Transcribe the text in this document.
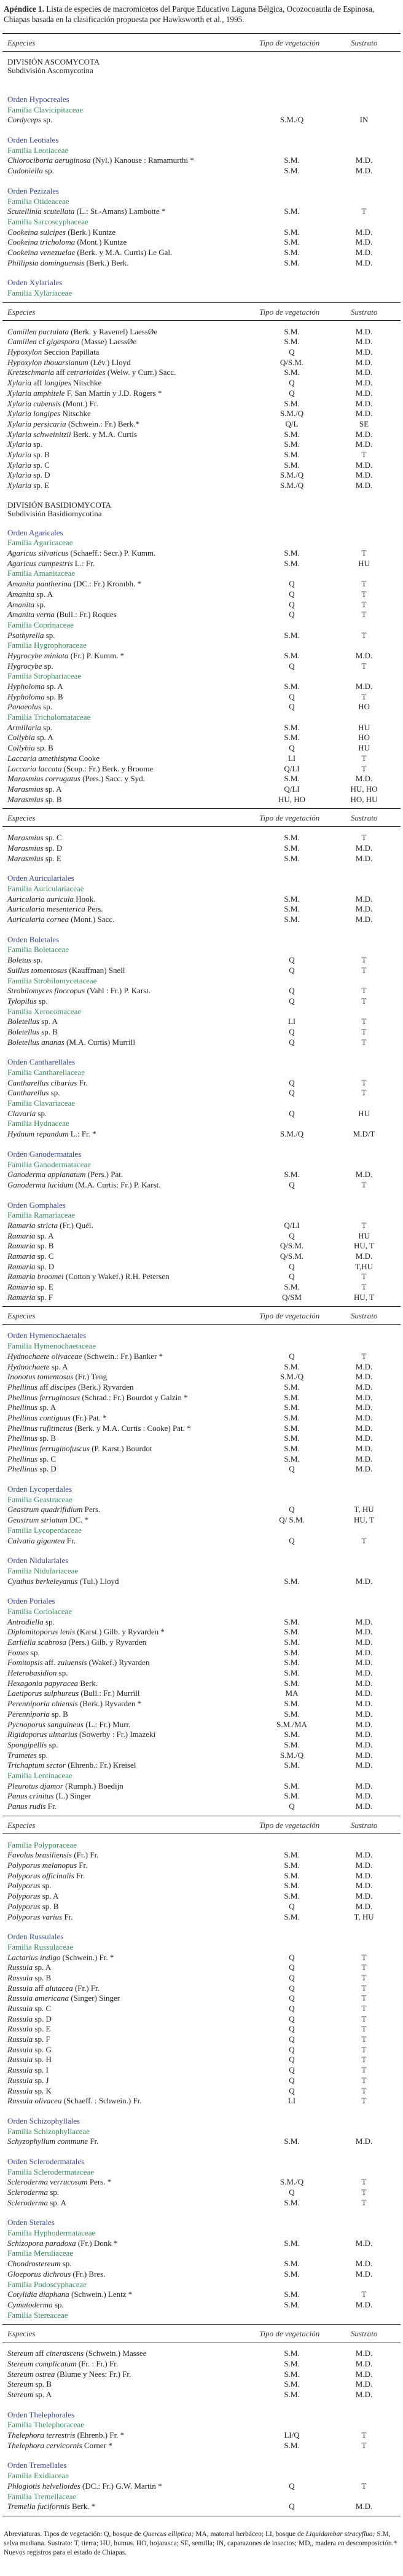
Apéndice 1. Lista de especies de macromicetos del Parque Educativo Laguna Bélgica, Ocozocoautla de Espinosa, Chiapas basada en la clasificación propuesta por Hawksworth et al., 1995.
Especies	Tipo de vegetación	Sustrato
DIVISIÓN ASCOMYCOTA
Subdivisión Ascomycotina
Orden Hypocreales
Familia Clavicipitaceae
Cordyceps sp.	S.M./Q	IN
Orden Leotiales
Familia Leotiaceae
Chlorociboria aeruginosa (Nyl.) Kanouse : Ramamurthi *	S.M.	M.D.
Cudoniella sp.	S.M.	M.D.
Orden Pezizales
Familia Otideaceae
Scutellinia scutellata (L.: St.-Amans) Lambotte *	S.M.	T
Familia Sarcoscyphaceae
Cookeina sulcipes (Berk.) Kuntze	S.M.	M.D.
Cookeina tricholoma (Mont.) Kuntze	S.M.	M.D.
Cookeina venezuelae (Berk. y M.A. Curtis) Le Gal.	S.M.	M.D.
Phillipsia dominguensis (Berk.) Berk.	S.M.	M.D.
Orden Xylariales
Familia Xylariaceae
Especies	Tipo de vegetación	Sustrato
Camillea puctulata (Berk. y Ravenel) LaessØe	S.M.	M.D.
Camillea cf gigaspora (Masse) LaessØe	S.M.	M.D.
Hypoxylon Seccion Papillata	Q	M.D.
Hypoxylon thouarsianum (Lév.) Lloyd	Q/S.M.	M.D.
Kretzschmaria aff cetrarioides (Welw. y Curr.) Sacc.	S.M.	M.D.
Xylaria aff longipes Nitschke	Q	M.D.
Xylaria amphitele F. San Martín y J.D. Rogers *	Q	M.D.
Xylaria cubensis (Mont.) Fr.	S.M.	M.D.
Xylaria longipes Nitschke	S.M./Q	M.D.
Xylaria persicaria (Schwein.: Fr.) Berk.*	Q/L	SE
Xylaria schweinitzii Berk. y M.A. Curtis	S.M.	M.D.
Xylaria sp.	S.M.	M.D.
Xylaria sp. B	S.M.	T
Xylaria sp. C	S.M.	M.D.
Xylaria sp. D	S.M./Q	M.D.
Xylaria sp. E	S.M./Q	M.D.
DIVISIÓN BASIDIOMYCOTA
Subdivisión Basidiomycotina
Orden Agaricales
Familia Agaricaceae
Agaricus silvaticus (Schaeff.: Secr.) P. Kumm.	S.M.	T
Agaricus campestris L.: Fr.	S.M.	HU
Familia Amanitaceae
Amanita pantherina (DC.: Fr.) Krombh. *	Q	T
Amanita sp. A	Q	T
Amanita sp.	Q	T
Amanita verna (Bull.: Fr.) Roques	Q	T
Familia Coprinaceae
Psathyrella sp.	S.M.	T
Familia Hygrophoraceae
Hygrocybe miniata (Fr.) P. Kumm. *	S.M.	M.D.
Hygrocybe sp.	Q	T
Familia Strophariaceae
Hypholoma sp. A	S.M.	M.D.
Hypholoma sp. B	Q	T
Panaeolus sp.	Q	HO
Familia Tricholomataceae
Armillaria sp.	S.M.	HU
Collybia sp. A	S.M.	HO
Collybia sp. B	Q	HU
Laccaria amethistyna Cooke	LI	T
Laccaria laccata (Scop.: Fr.) Berk. y Broome	Q/LI	T
Marasmius corrugatus (Pers.) Sacc. y Syd.	S.M.	M.D.
Marasmius sp. A	Q/LI	HU, HO
Marasmius sp. B	HU, HO	HO, HU
Especies	Tipo de vegetación	Sustrato
Marasmius sp. C	S.M.	T
Marasmius sp. D	S.M.	M.D.
Marasmius sp. E	S.M.	M.D.
Orden Auriculariales
Familia Auriculariaceae
Auricularia auricula Hook.	S.M.	M.D.
Auricularia mesenterica Pers.	S.M.	M.D.
Auricularia cornea (Mont.) Sacc.	S.M.	M.D.
Orden Boletales
Familia Boletaceae
Boletus sp.	Q	T
Suillus tomentosus (Kauffman) Snell	Q	T
Familia Strobilomycetaceae
Strobilomyces floccopus (Vahl : Fr.) P. Karst.	Q	T
Tylopilus sp.	Q	T
Familia Xerocomaceae
Boletellus sp. A	LI	T
Boletellus sp. B	Q	T
Boletellus ananas (M.A. Curtis) Murrill	Q	T
Orden Cantharellales
Familia Cantharellaceae
Cantharellus cibarius Fr.	Q	T
Cantharellus sp.	Q	T
Familia Clavariaceae
Clavaria sp.	Q	HU
Familia Hydnaceae
Hydnum repandum L.: Fr. *	S.M./Q	M.D/T
Orden Ganodermatales
Familia Ganodermataceae
Ganoderma applanatum (Pers.) Pat.	S.M.	M.D.
Ganoderma lucidum (M.A. Curtis: Fr.) P. Karst.	Q	T
Orden Gomphales
Familia Ramariaceae
Ramaria stricta (Fr.) Quél.	Q/LI	T
Ramaria sp. A	Q	HU
Ramaria sp. B	Q/S.M.	HU, T
Ramaria sp. C	Q/S.M.	M.D.
Ramaria sp. D	Q	T,HU
Ramaria broomei (Cotton y Wakef.) R.H. Petersen	Q	T
Ramaria sp. E	S.M.	T
Ramaria sp. F	Q/SM	HU, T
Especies	Tipo de vegetación	Sustrato
Orden Hymenochaetales
Familia Hymenochaetaceae
Hydnochaete olivaceae (Schwein.: Fr.) Banker *	Q	T
Hydnochaete sp. A	S.M.	M.D.
Inonotus tomentosus (Fr.) Teng	S.M./Q	M.D.
Phellinus aff discipes (Berk.) Ryvarden	S.M.	M.D.
Phellinus ferruginosus (Schrad.: Fr.) Bourdot y Galzin *	S.M.	M.D.
Phellinus sp. A	S.M.	M.D.
Phellinus contiguus (Fr.) Pat. *	S.M.	M.D.
Phellinus rufitinctus (Berk. y M.A. Curtis : Cooke) Pat. *	S.M.	M.D.
Phellinus sp. B	S.M.	M.D.
Phellinus ferruginofuscus (P. Karst.) Bourdot	S.M.	M.D.
Phellinus sp. C	S.M.	M.D.
Phellinus sp. D	Q	M.D.
Orden Lycoperdales
Familia Geastraceae
Geastrum quadrifidium Pers.	Q	T, HU
Geastrum striatum DC. *	Q/ S.M.	HU, T
Familia Lycoperdaceae
Calvatia gigantea Fr.	Q	T
Orden Nidulariales
Familia Nidulariaceae
Cyathus berkeleyanus (Tul.) Lloyd	S.M.	M.D.
Orden Poriales
Familia Coriolaceae
Antrodiella sp.	S.M.	M.D.
Diplomitoporus lenis (Karst.) Gilb. y Ryvarden *	S.M.	M.D.
Earliella scabrosa (Pers.) Gilb. y Ryvarden	S.M.	M.D.
Fomes sp.	S.M.	M.D.
Fomitopsis aff. zuluensis (Wakef.) Ryvarden	S.M.	M.D.
Heterobasidion sp.	S.M.	M.D.
Hexagonia papyracea Berk.	S.M.	M.D.
Laetiporus sulphureus (Bull.: Fr.) Murrill	MA	M.D.
Perenniporia ohiensis (Berk.) Ryvarden *	S.M.	M.D.
Perenniporia sp. B	S.M.	M.D.
Pycnoporus sanguineus (L.: Fr.) Murr.	S.M./MA	M.D.
Rigidoporus ulmarius (Sowerby : Fr.) Imazeki	S.M.	M.D.
Spongipellis sp.	S.M.	M.D.
Trametes sp.	S.M./Q	M.D.
Trichaptum sector (Ehrenb.: Fr.) Kreisel	S.M.	M.D.
Familia Lentinaceae
Pleurotus djamor (Rumph.) Boedijn	S.M.	M.D.
Panus crinitus (L.) Singer	S.M.	M.D.
Panus rudis Fr.	Q	M.D.
Especies	Tipo de vegetación	Sustrato
Familia Polyporaceae
Favolus brasiliensis (Fr.) Fr.	S.M.	M.D.
Polyporus melanopus Fr.	S.M.	M.D.
Polyporus officinalis Fr.	S.M.	M.D.
Polyporus sp.	S.M.	M.D.
Polyporus sp. A	S.M.	M.D.
Polyporus sp. B	Q	M.D.
Polyporus varius Fr.	S.M.	T, HU
Orden Russulales
Familia Russulaceae
Lactarius indigo (Schwein.) Fr. *	Q	T
Russula sp. A	Q	T
Russula sp. B	Q	T
Russula aff alutacea (Fr.) Fr.	Q	T
Russula americana (Singer) Singer	Q	T
Russula sp. C	Q	T
Russula sp. D	Q	T
Russula sp. E	Q	T
Russula sp. F	Q	T
Russula sp. G	Q	T
Russula sp. H	Q	T
Russula sp. I	Q	T
Russula sp. J	Q	T
Russula sp. K	Q	T
Russula olivacea (Schaeff. : Schwein.) Fr.	LI	T
Orden Schizophyllales
Familia Schizophyllaceae
Schyzophyllum commune Fr.	S.M.	M.D.
Orden Sclerodermatales
Familia Sclerodermataceae
Scleroderma verrucosum Pers. *	S.M./Q	T
Scleroderma sp.	Q	T
Scleroderma sp. A	S.M.	T
Orden Sterales
Familia Hyphodermataceae
Schizopora paradoxa (Fr.) Donk *	S.M.	M.D.
Familia Meruliaceae
Chondrostereum sp.	S.M.	M.D.
Gloeporus dichrous (Fr.) Bres.	S.M.	M.D.
Familia Podoscyphaceae
Cotylidia diaphana (Schwein.) Lentz *	S.M.	T
Cymatoderma sp.	S.M.	M.D.
Familia Stereaceae
Especies	Tipo de vegetación	Sustrato
Stereum aff cinerascens (Schwein.) Massee	S.M.	M.D.
Stereum complicatum (Fr. : Fr.) Fr.	S.M.	M.D.
Stereum ostrea (Blume y Nees: Fr.) Fr.	S.M.	M.D.
Stereum sp. B	S.M.	M.D.
Stereum sp. A	S.M.	M.D.
Orden Thelephorales
Familia Thelephoraceae
Thelephora terrestris (Ehrenb.) Fr. *	LI/Q	T
Thelephora cervicornis Corner *	S.M.	T
Orden Tremellales
Familia Exidiaceae
Phlogiotis helvelloides (DC.: Fr.) G.W. Martin *	Q	T
Familia Tremellaceae
Tremella fuciformis Berk. *	Q	M.D.
Abreviaturas. Tipos de vegetación: Q, bosque de Quercus elliptica; MA, matorral herbáceo; LI, bosque de Liquidambar stracyflua; S.M, selva mediana. Sustrato: T, tierra; HU, humus. HO, hojarasca; SE, semilla; IN, caparazones de insectos; MD,, madera en descomposición.* Nuevos registros para el estado de Chiapas.
